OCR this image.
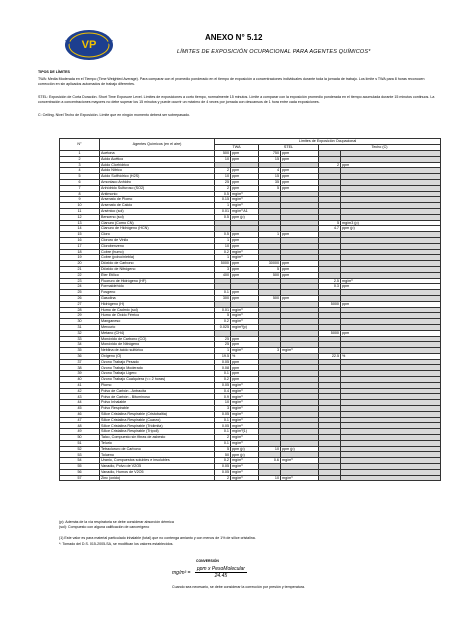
VP
ANEXO N° 5.12
LÍMITES DE EXPOSICIÓN OCUPACIONAL PARA AGENTES QUÍMICOS*

TIPOS DE LÍMITES

TWA: Media Moderada en el Tiempo (Time Weighted Average). Para comparar con el promedio ponderado en el tiempo de exposición a concentraciones individuales durante toda la jornada de trabajo. Los límite s TWA para 8 horas reconocen corrección en sin aplicados automados de trabajo diferentes.

STEL: Exposición de Corta Duración. Short Time Exposure Level. Límites de exposiciones a corto tiempo, normalmente 15 minutos. Límite a comparar con la exposición promedio ponderada en el tiempo acumulada durante 15 minutos continuos. La concentración a concentraciones mayores no debe superar los 15 minutos y puede ocurrir un máximo de 4 veces por jornada con descansos de 1 hora entre cada exposiciones.

C: Ceiling. Nivel Techo de Exposición. Límite que en ningún momento deberá ser sobrepasado.

N°	Agentes Químicos (en el aire)	Límites de Exposición Ocupacional					
		TWA		STEL		Techo (C)	
1	Acetona	500	ppm	750	ppm		
2	Ácido Acético	10	ppm	15	ppm		
3	Ácido Clorhídrico					2	ppm
4	Ácido Nítrico	2	ppm	4	ppm		
5	Ácido Sulfhídrico (H2S)	10	ppm	15	ppm		
6	Amoniaco Anhidro	25	ppm	35	ppm		
7	Anhídrido Sulfuroso (SO2)	2	ppm	5	ppm		
8	Antimonio	0.5	mg/m³				
9	Arsenato de Plomo	0.15	mg/m³				
10	Arsenato de Calcio	1	mg/m³				
11	Arsénico (sol)	0.01	mg/m³ A1				
12	Benceno (sol)	0.5	ppm (p)				
13	Cianuro (Como CN)					5	mg/m3 (p)
14	Cianuro de Hidrógeno (HCN)					4.7	ppm (p)
15	Cloro	0.5	ppm	1	ppm		
16	Cloruro de Vinilo	1	ppm				
17	Clorobenzeno	10	ppm				
18	Cobre (humo)	0.2	mg/m³				
19	Cobre (polvo/niebla)	1	mg/m³				
20	Dióxido de Carbono	5000	ppm	30000	ppm		
21	Dióxido de Nitrógeno	3	ppm	5	ppm		
22	Éter Etílico	400	ppm	500	ppm		
23	Fluoruro de Hidrógeno (HF)					2.5	mg/m³
24	Formaldehído					0.3	ppm
25	Fosgeno	0.1	ppm				
26	Gasolina	300	ppm	500	ppm		
27	Hidrógeno (H)					5000	ppm
28	Humo de Cadmio (sol)	0.01	mg/m³				
29	Humo de Óxido Férrico	5	mg/m³				
30	Manganeso	0.2	mg/m³				
31	Mercurio	0.025	mg/m³(p)				
32	Metano (CH4)					5000	ppm
33	Monóxido de Carbono (CO)	25	ppm				
34	Monóxido de Nitrógeno	25	ppm				
35	Neblina de ácido sulfúrico	1	mg/m³	3	mg/m³		
36	Oxígeno (O)	19.5	%			22.5	%
37	Ozono Trabajo Pesado	0.05	ppm				
38	Ozono Trabajo Moderado	0.08	ppm				
39	Ozono Trabajo Ligero	0.1	ppm				
40	Ozono Trabajo Cualquiera (<= 2 horas)	0.2	ppm				
41	Plomo	0.05	mg/m³				
42	Polvo de Carbón - Antracita	0.4	mg/m³				
43	Polvo de Carbón - Bituminoso	0.9	mg/m³				
44	Polvo Inhalable	10	mg/m³				
45	Polvo Respirable	3	mg/m³				
46	Sílice Cristalina Respirable (Cristobalita)	0.05	mg/m³				
47	Sílice Cristalina Respirable (Cuarzo)	0.1	mg/m³				
48	Sílice Cristalina Respirable (Tridimita)	0.05	mg/m³				
49	Sílice Cristalina Respirable (Trípoli)	0.1	mg/m³(1)				
50	Talco, Compuesto sin fibras de asbesto	2	mg/m³				
51	Telurio	0.1	mg/m³				
52	Tetracloruro de Carbono	5	ppm (p)	10	ppm (p)		
53	Tolueno	50	ppm (p)				
54	Uranio, Compuestos solubles e insolubles	0.2	mg/m³	0.6	mg/m³		
55	Vanadio, Polvo de V2O5	0.05	mg/m³				
56	Vanadio, Humos de V2O5	0.05	mg/m³				
57	Zinc (oxido)	2	mg/m³	10	mg/m³		

(p): Además de la vía respiratoria se debe considerar absorción dérmica

(sol): Compuesto con alguna calificación de cancerígeno

(1) Este valor es para material particulado inhalable (total) que no contenga amianto y con menos de 1% de sílice cristalina.

*: Tomado del D.S. 015-2005-SA, se modifican los valores establecidos.

CONVERSIÓN
$mg/m^3 = \frac{\text{ppm x PesoMolecular}}{24.45}$
Cuando sea necesario, se debe considerar la corrección por presión y temperatura.
